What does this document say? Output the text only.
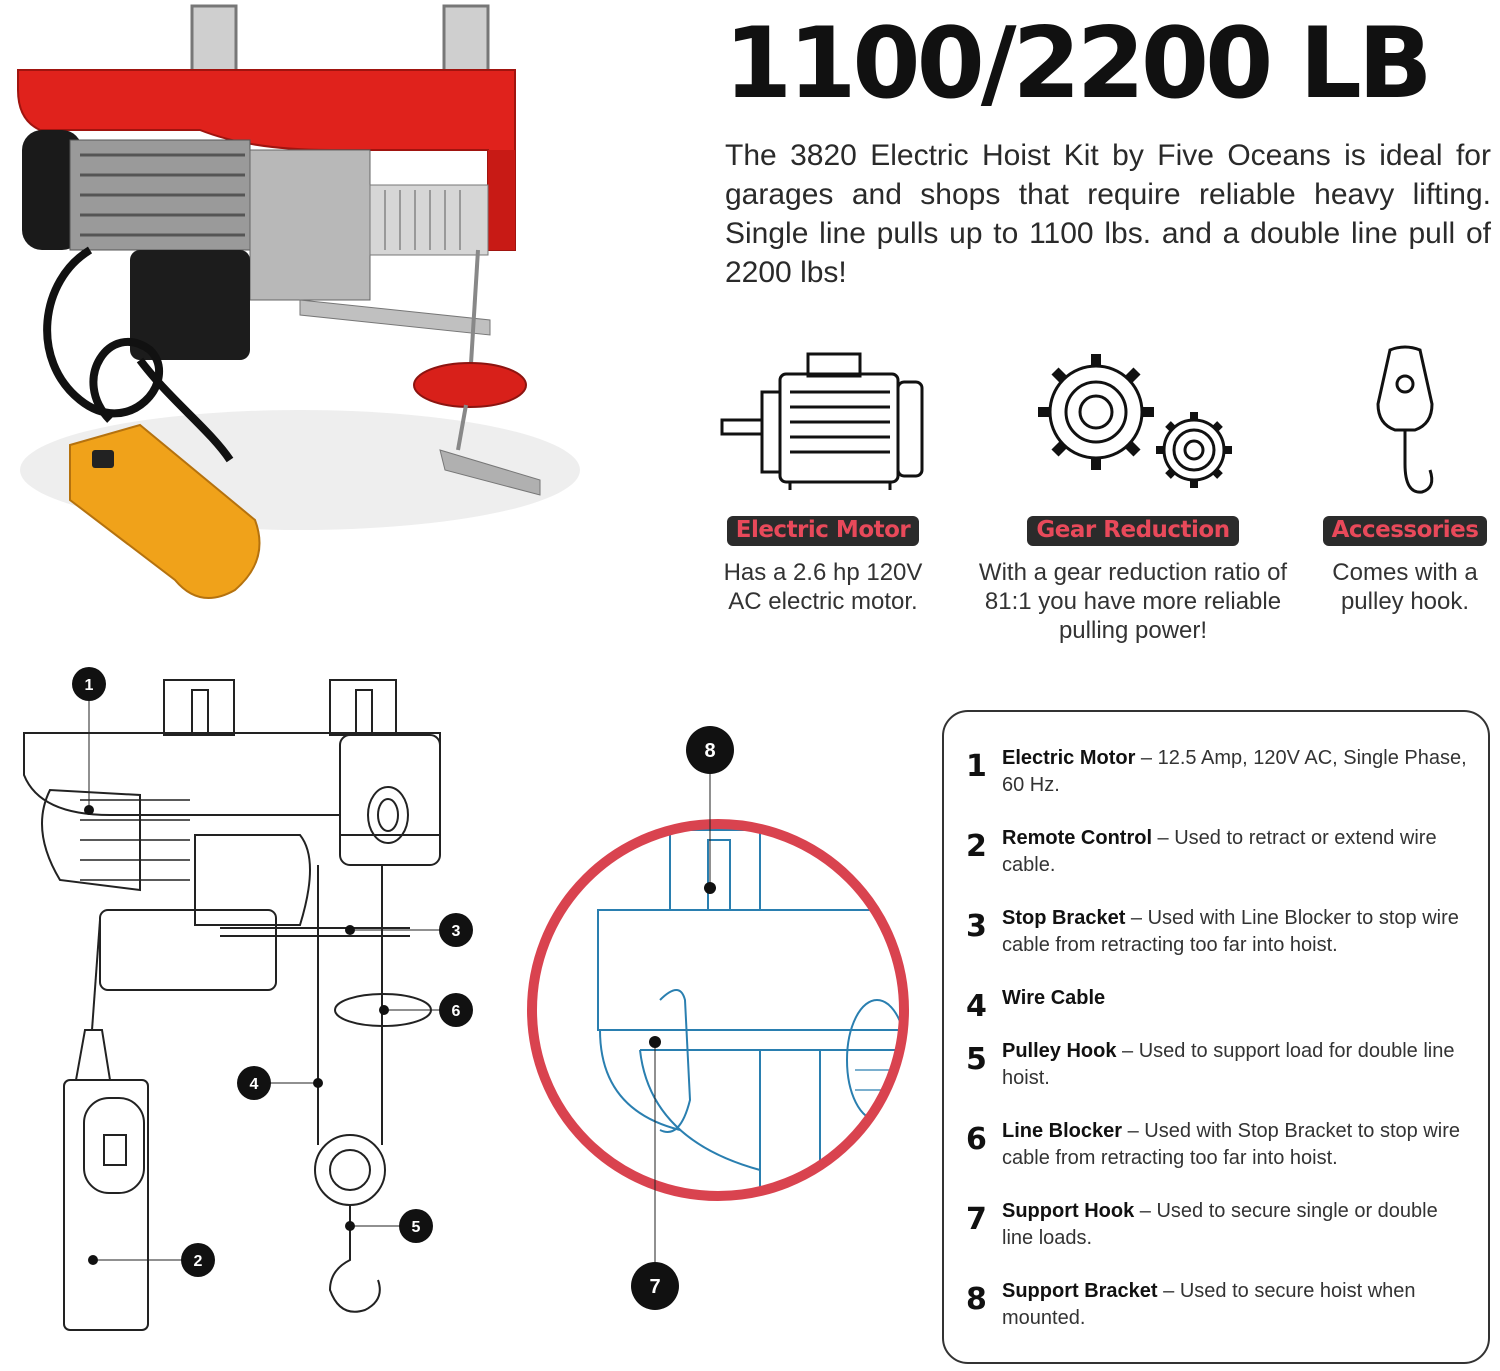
1100/2200 LB
The 3820 Electric Hoist Kit by Five Oceans is ideal for garages and shops that require reliable heavy lifting. Single line pulls up to 1100 lbs. and a double line pull of 2200 lbs!
Electric Motor
Has a 2.6 hp 120V AC electric motor.
Gear Reduction
With a gear reduction ratio of 81:1 you have more reliable pulling power!
Accessories
Comes with a pulley hook.
1
3
6
4
5
2
8
7
1 Electric Motor – 12.5 Amp, 120V AC, Single Phase, 60 Hz.
2 Remote Control – Used to retract or extend wire cable.
3 Stop Bracket – Used with Line Blocker to stop wire cable from retracting too far into hoist.
4 Wire Cable
5 Pulley Hook – Used to support load for double line hoist.
6 Line Blocker – Used with Stop Bracket to stop wire cable from retracting too far into hoist.
7 Support Hook – Used to secure single or double line loads.
8 Support Bracket – Used to secure hoist when mounted.
